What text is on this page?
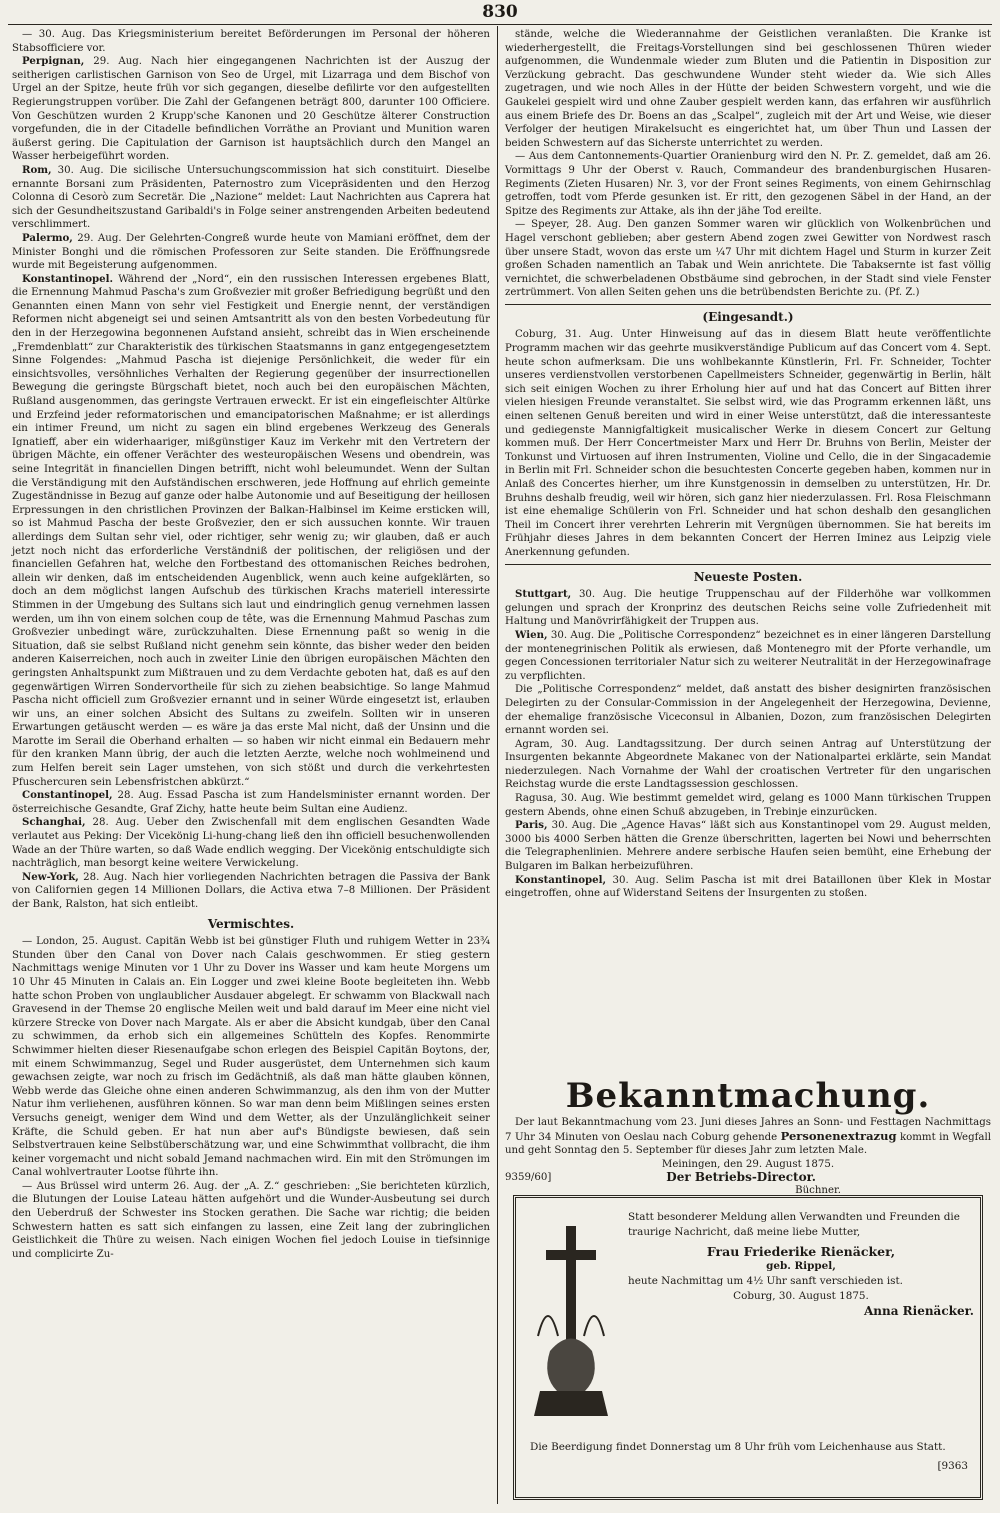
830

— 30. Aug. Das Kriegsministerium bereitet Beförderungen im Personal der höheren Stabsofficiere vor.

Perpignan, 29. Aug. Nach hier eingegangenen Nachrichten ist der Auszug der seitherigen carlistischen Garnison von Seo de Urgel, mit Lizarraga und dem Bischof von Urgel an der Spitze, heute früh vor sich gegangen, dieselbe defilirte vor den aufgestellten Regierungstruppen vorüber. Die Zahl der Gefangenen beträgt 800, darunter 100 Officiere. Von Geschützen wurden 2 Krupp'sche Kanonen und 20 Geschütze älterer Construction vorgefunden, die in der Citadelle befindlichen Vorräthe an Proviant und Munition waren äußerst gering. Die Capitulation der Garnison ist hauptsächlich durch den Mangel an Wasser herbeigeführt worden.

Rom, 30. Aug. Die sicilische Untersuchungscommission hat sich constituirt. Dieselbe ernannte Borsani zum Präsidenten, Paternostro zum Vicepräsidenten und den Herzog Colonna di Cesorò zum Secretär. Die „Nazione“ meldet: Laut Nachrichten aus Caprera hat sich der Gesundheitszustand Garibaldi's in Folge seiner anstrengenden Arbeiten bedeutend verschlimmert.

Palermo, 29. Aug. Der Gelehrten-Congreß wurde heute von Mamiani eröffnet, dem der Minister Bonghi und die römischen Professoren zur Seite standen. Die Eröffnungsrede wurde mit Begeisterung aufgenommen.

Konstantinopel. Während der „Nord“, ein den russischen Interessen ergebenes Blatt, die Ernennung Mahmud Pascha's zum Großvezier mit großer Befriedigung begrüßt und den Genannten einen Mann von sehr viel Festigkeit und Energie nennt, der verständigen Reformen nicht abgeneigt sei und seinen Amtsantritt als von den besten Vorbedeutung für den in der Herzegowina begonnenen Aufstand ansieht, schreibt das in Wien erscheinende „Fremdenblatt“ zur Charakteristik des türkischen Staatsmanns in ganz entgegengesetztem Sinne Folgendes: „Mahmud Pascha ist diejenige Persönlichkeit, die weder für ein einsichtsvolles, versöhnliches Verhalten der Regierung gegenüber der insurrectionellen Bewegung die geringste Bürgschaft bietet, noch auch bei den europäischen Mächten, Rußland ausgenommen, das geringste Vertrauen erweckt. Er ist ein eingefleischter Altürke und Erzfeind jeder reformatorischen und emancipatorischen Maßnahme; er ist allerdings ein intimer Freund, um nicht zu sagen ein blind ergebenes Werkzeug des Generals Ignatieff, aber ein widerhaariger, mißgünstiger Kauz im Verkehr mit den Vertretern der übrigen Mächte, ein offener Verächter des westeuropäischen Wesens und obendrein, was seine Integrität in financiellen Dingen betrifft, nicht wohl beleumundet. Wenn der Sultan die Verständigung mit den Aufständischen erschweren, jede Hoffnung auf ehrlich gemeinte Zugeständnisse in Bezug auf ganze oder halbe Autonomie und auf Beseitigung der heillosen Erpressungen in den christlichen Provinzen der Balkan-Halbinsel im Keime ersticken will, so ist Mahmud Pascha der beste Großvezier, den er sich aussuchen konnte. Wir trauen allerdings dem Sultan sehr viel, oder richtiger, sehr wenig zu; wir glauben, daß er auch jetzt noch nicht das erforderliche Verständniß der politischen, der religiösen und der financiellen Gefahren hat, welche den Fortbestand des ottomanischen Reiches bedrohen, allein wir denken, daß im entscheidenden Augenblick, wenn auch keine aufgeklärten, so doch an dem möglichst langen Aufschub des türkischen Krachs materiell interessirte Stimmen in der Umgebung des Sultans sich laut und eindringlich genug vernehmen lassen werden, um ihn von einem solchen coup de tête, was die Ernennung Mahmud Paschas zum Großvezier unbedingt wäre, zurückzuhalten. Diese Ernennung paßt so wenig in die Situation, daß sie selbst Rußland nicht genehm sein könnte, das bisher weder den beiden anderen Kaiserreichen, noch auch in zweiter Linie den übrigen europäischen Mächten den geringsten Anhaltspunkt zum Mißtrauen und zu dem Verdachte geboten hat, daß es auf den gegenwärtigen Wirren Sondervortheile für sich zu ziehen beabsichtige. So lange Mahmud Pascha nicht officiell zum Großvezier ernannt und in seiner Würde eingesetzt ist, erlauben wir uns, an einer solchen Absicht des Sultans zu zweifeln. Sollten wir in unseren Erwartungen getäuscht werden — es wäre ja das erste Mal nicht, daß der Unsinn und die Marotte im Serail die Oberhand erhalten — so haben wir nicht einmal ein Bedauern mehr für den kranken Mann übrig, der auch die letzten Aerzte, welche noch wohlmeinend und zum Helfen bereit sein Lager umstehen, von sich stößt und durch die verkehrtesten Pfuschercuren sein Lebensfristchen abkürzt.“

Constantinopel, 28. Aug. Essad Pascha ist zum Handelsminister ernannt worden. Der österreichische Gesandte, Graf Zichy, hatte heute beim Sultan eine Audienz.

Schanghai, 28. Aug. Ueber den Zwischenfall mit dem englischen Gesandten Wade verlautet aus Peking: Der Vicekönig Li-hung-chang ließ den ihn officiell besuchenwollenden Wade an der Thüre warten, so daß Wade endlich wegging. Der Vicekönig entschuldigte sich nachträglich, man besorgt keine weitere Verwickelung.

New-York, 28. Aug. Nach hier vorliegenden Nachrichten betragen die Passiva der Bank von Californien gegen 14 Millionen Dollars, die Activa etwa 7–8 Millionen. Der Präsident der Bank, Ralston, hat sich entleibt.

Vermischtes.

— London, 25. August. Capitän Webb ist bei günstiger Fluth und ruhigem Wetter in 23¾ Stunden über den Canal von Dover nach Calais geschwommen. Er stieg gestern Nachmittags wenige Minuten vor 1 Uhr zu Dover ins Wasser und kam heute Morgens um 10 Uhr 45 Minuten in Calais an. Ein Logger und zwei kleine Boote begleiteten ihn. Webb hatte schon Proben von unglaublicher Ausdauer abgelegt. Er schwamm von Blackwall nach Gravesend in der Themse 20 englische Meilen weit und bald darauf im Meer eine nicht viel kürzere Strecke von Dover nach Margate. Als er aber die Absicht kundgab, über den Canal zu schwimmen, da erhob sich ein allgemeines Schütteln des Kopfes. Renommirte Schwimmer hielten dieser Riesenaufgabe schon erlegen des Beispiel Capitän Boytons, der, mit einem Schwimmanzug, Segel und Ruder ausgerüstet, dem Unternehmen sich kaum gewachsen zeigte, war noch zu frisch im Gedächtniß, als daß man hätte glauben können, Webb werde das Gleiche ohne einen anderen Schwimmanzug, als den ihm von der Mutter Natur ihm verliehenen, ausführen können. So war man denn beim Mißlingen seines ersten Versuchs geneigt, weniger dem Wind und dem Wetter, als der Unzulänglichkeit seiner Kräfte, die Schuld geben. Er hat nun aber auf's Bündigste bewiesen, daß sein Selbstvertrauen keine Selbstüberschätzung war, und eine Schwimmthat vollbracht, die ihm keiner vorgemacht und nicht sobald Jemand nachmachen wird. Ein mit den Strömungen im Canal wohlvertrauter Lootse führte ihn.

— Aus Brüssel wird unterm 26. Aug. der „A. Z.“ geschrieben: „Sie berichteten kürzlich, die Blutungen der Louise Lateau hätten aufgehört und die Wunder-Ausbeutung sei durch den Ueberdruß der Schwester ins Stocken gerathen. Die Sache war richtig; die beiden Schwestern hatten es satt sich einfangen zu lassen, eine Zeit lang der zubringlichen Geistlichkeit die Thüre zu weisen. Nach einigen Wochen fiel jedoch Louise in tiefsinnige und complicirte Zu-

stände, welche die Wiederannahme der Geistlichen veranlaßten. Die Kranke ist wiederhergestellt, die Freitags-Vorstellungen sind bei geschlossenen Thüren wieder aufgenommen, die Wundenmale wieder zum Bluten und die Patientin in Disposition zur Verzückung gebracht. Das geschwundene Wunder steht wieder da. Wie sich Alles zugetragen, und wie noch Alles in der Hütte der beiden Schwestern vorgeht, und wie die Gaukelei gespielt wird und ohne Zauber gespielt werden kann, das erfahren wir ausführlich aus einem Briefe des Dr. Boens an das „Scalpel“, zugleich mit der Art und Weise, wie dieser Verfolger der heutigen Mirakelsucht es eingerichtet hat, um über Thun und Lassen der beiden Schwestern auf das Sicherste unterrichtet zu werden.

— Aus dem Cantonnements-Quartier Oranienburg wird den N. Pr. Z. gemeldet, daß am 26. Vormittags 9 Uhr der Oberst v. Rauch, Commandeur des brandenburgischen Husaren-Regiments (Zieten Husaren) Nr. 3, vor der Front seines Regiments, von einem Gehirnschlag getroffen, todt vom Pferde gesunken ist. Er ritt, den gezogenen Säbel in der Hand, an der Spitze des Regiments zur Attake, als ihn der jähe Tod ereilte.

— Speyer, 28. Aug. Den ganzen Sommer waren wir glücklich von Wolkenbrüchen und Hagel verschont geblieben; aber gestern Abend zogen zwei Gewitter von Nordwest rasch über unsere Stadt, wovon das erste um ¼7 Uhr mit dichtem Hagel und Sturm in kurzer Zeit großen Schaden namentlich an Tabak und Wein anrichtete. Die Tabaksernte ist fast völlig vernichtet, die schwerbeladenen Obstbäume sind gebrochen, in der Stadt sind viele Fenster zertrümmert. Von allen Seiten gehen uns die betrübendsten Berichte zu. (Pf. Z.)

(Eingesandt.)

Coburg, 31. Aug. Unter Hinweisung auf das in diesem Blatt heute veröffentlichte Programm machen wir das geehrte musikverständige Publicum auf das Concert vom 4. Sept. heute schon aufmerksam. Die uns wohlbekannte Künstlerin, Frl. Fr. Schneider, Tochter unseres verdienstvollen verstorbenen Capellmeisters Schneider, gegenwärtig in Berlin, hält sich seit einigen Wochen zu ihrer Erholung hier auf und hat das Concert auf Bitten ihrer vielen hiesigen Freunde veranstaltet. Sie selbst wird, wie das Programm erkennen läßt, uns einen seltenen Genuß bereiten und wird in einer Weise unterstützt, daß die interessanteste und gediegenste Mannigfaltigkeit musicalischer Werke in diesem Concert zur Geltung kommen muß. Der Herr Concertmeister Marx und Herr Dr. Bruhns von Berlin, Meister der Tonkunst und Virtuosen auf ihren Instrumenten, Violine und Cello, die in der Singacademie in Berlin mit Frl. Schneider schon die besuchtesten Concerte gegeben haben, kommen nur in Anlaß des Concertes hierher, um ihre Kunstgenossin in demselben zu unterstützen, Hr. Dr. Bruhns deshalb freudig, weil wir hören, sich ganz hier niederzulassen. Frl. Rosa Fleischmann ist eine ehemalige Schülerin von Frl. Schneider und hat schon deshalb den gesanglichen Theil im Concert ihrer verehrten Lehrerin mit Vergnügen übernommen. Sie hat bereits im Frühjahr dieses Jahres in dem bekannten Concert der Herren Iminez aus Leipzig viele Anerkennung gefunden.

Neueste Posten.

Stuttgart, 30. Aug. Die heutige Truppenschau auf der Filderhöhe war vollkommen gelungen und sprach der Kronprinz des deutschen Reichs seine volle Zufriedenheit mit Haltung und Manövrirfähigkeit der Truppen aus.

Wien, 30. Aug. Die „Politische Correspondenz“ bezeichnet es in einer längeren Darstellung der montenegrinischen Politik als erwiesen, daß Montenegro mit der Pforte verhandle, um gegen Concessionen territorialer Natur sich zu weiterer Neutralität in der Herzegowinafrage zu verpflichten.

Die „Politische Correspondenz“ meldet, daß anstatt des bisher designirten französischen Delegirten zu der Consular-Commission in der Angelegenheit der Herzegowina, Devienne, der ehemalige französische Viceconsul in Albanien, Dozon, zum französischen Delegirten ernannt worden sei.

Agram, 30. Aug. Landtagssitzung. Der durch seinen Antrag auf Unterstützung der Insurgenten bekannte Abgeordnete Makanec von der Nationalpartei erklärte, sein Mandat niederzulegen. Nach Vornahme der Wahl der croatischen Vertreter für den ungarischen Reichstag wurde die erste Landtagssession geschlossen.

Ragusa, 30. Aug. Wie bestimmt gemeldet wird, gelang es 1000 Mann türkischen Truppen gestern Abends, ohne einen Schuß abzugeben, in Trebinje einzurücken.

Paris, 30. Aug. Die „Agence Havas“ läßt sich aus Konstantinopel vom 29. August melden, 3000 bis 4000 Serben hätten die Grenze überschritten, lagerten bei Nowi und beherrschten die Telegraphenlinien. Mehrere andere serbische Haufen seien bemüht, eine Erhebung der Bulgaren im Balkan herbeizuführen.

Konstantinopel, 30. Aug. Selim Pascha ist mit drei Bataillonen über Klek in Mostar eingetroffen, ohne auf Widerstand Seitens der Insurgenten zu stoßen.

Bekanntmachung.
Der laut Bekanntmachung vom 23. Juni dieses Jahres an Sonn- und Festtagen Nachmittags 7 Uhr 34 Minuten von Oeslau nach Coburg gehende Personenextrazug kommt in Wegfall und geht Sonntag den 5. September für dieses Jahr zum letzten Male.
Meiningen, den 29. August 1875.
9359/60]	Der Betriebs-Director.
Büchner.

Statt besonderer Meldung allen Verwandten und Freunden die traurige Nachricht, daß meine liebe Mutter,

Frau Friederike Rienäcker,

geb. Rippel,

heute Nachmittag um 4½ Uhr sanft verschieden ist.

Coburg, 30. August 1875.

Anna Rienäcker.

Die Beerdigung findet Donnerstag um 8 Uhr früh vom Leichenhause aus Statt.
[9363
